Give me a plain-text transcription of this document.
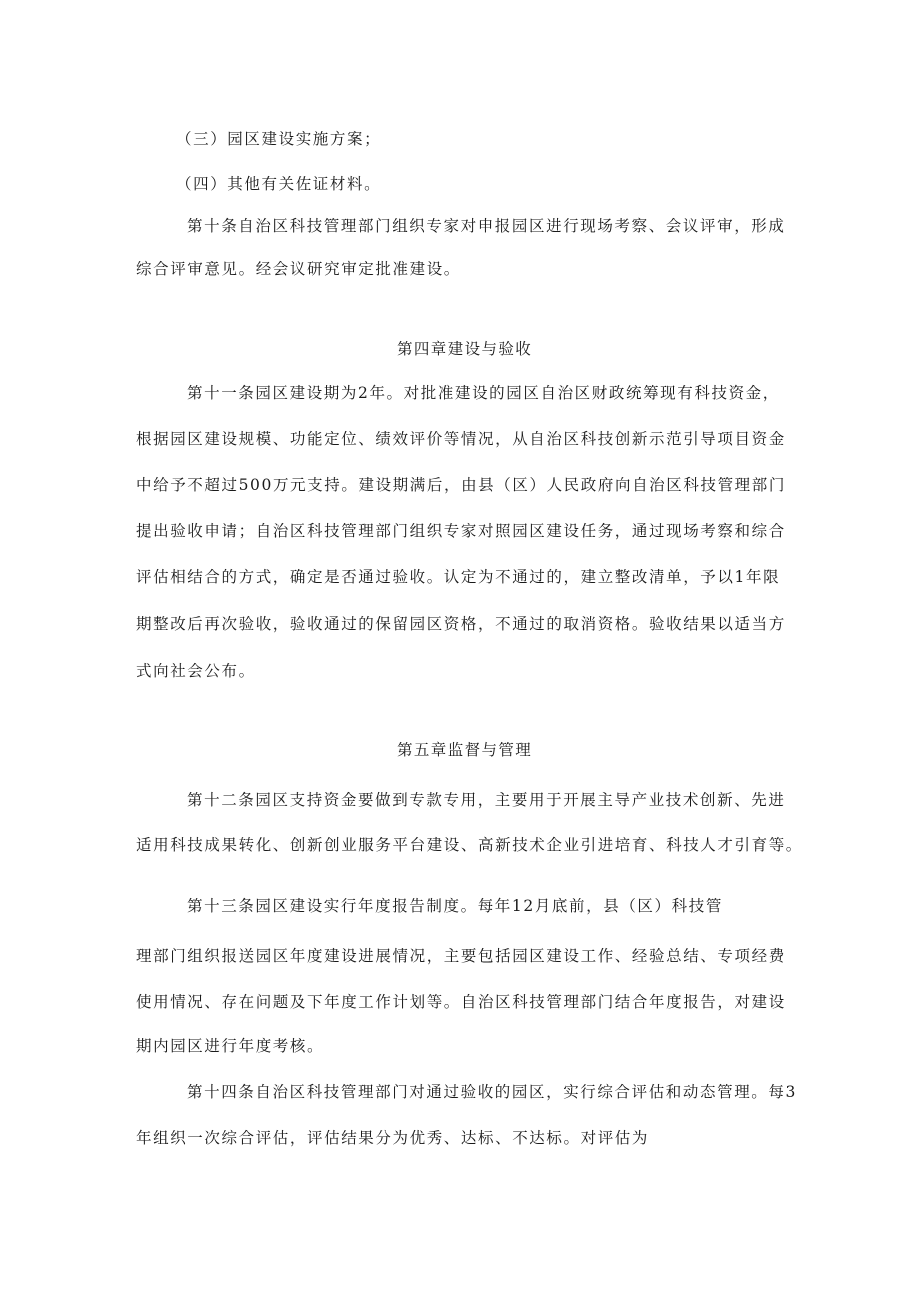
（三）园区建设实施方案；
（四）其他有关佐证材料。
第十条自治区科技管理部门组织专家对申报园区进行现场考察、会议评审，形成
综合评审意见。经会议研究审定批准建设。
第四章建设与验收
第十一条园区建设期为2年。对批准建设的园区自治区财政统筹现有科技资金，
根据园区建设规模、功能定位、绩效评价等情况，从自治区科技创新示范引导项目资金
中给予不超过500万元支持。建设期满后，由县（区）人民政府向自治区科技管理部门
提出验收申请；自治区科技管理部门组织专家对照园区建设任务，通过现场考察和综合
评估相结合的方式，确定是否通过验收。认定为不通过的，建立整改清单，予以1年限
期整改后再次验收，验收通过的保留园区资格，不通过的取消资格。验收结果以适当方
式向社会公布。
第五章监督与管理
第十二条园区支持资金要做到专款专用，主要用于开展主导产业技术创新、先进
适用科技成果转化、创新创业服务平台建设、高新技术企业引进培育、科技人才引育等。
第十三条园区建设实行年度报告制度。每年12月底前，县（区）科技管
理部门组织报送园区年度建设进展情况，主要包括园区建设工作、经验总结、专项经费
使用情况、存在问题及下年度工作计划等。自治区科技管理部门结合年度报告，对建设
期内园区进行年度考核。
第十四条自治区科技管理部门对通过验收的园区，实行综合评估和动态管理。每3
年组织一次综合评估，评估结果分为优秀、达标、不达标。对评估为
